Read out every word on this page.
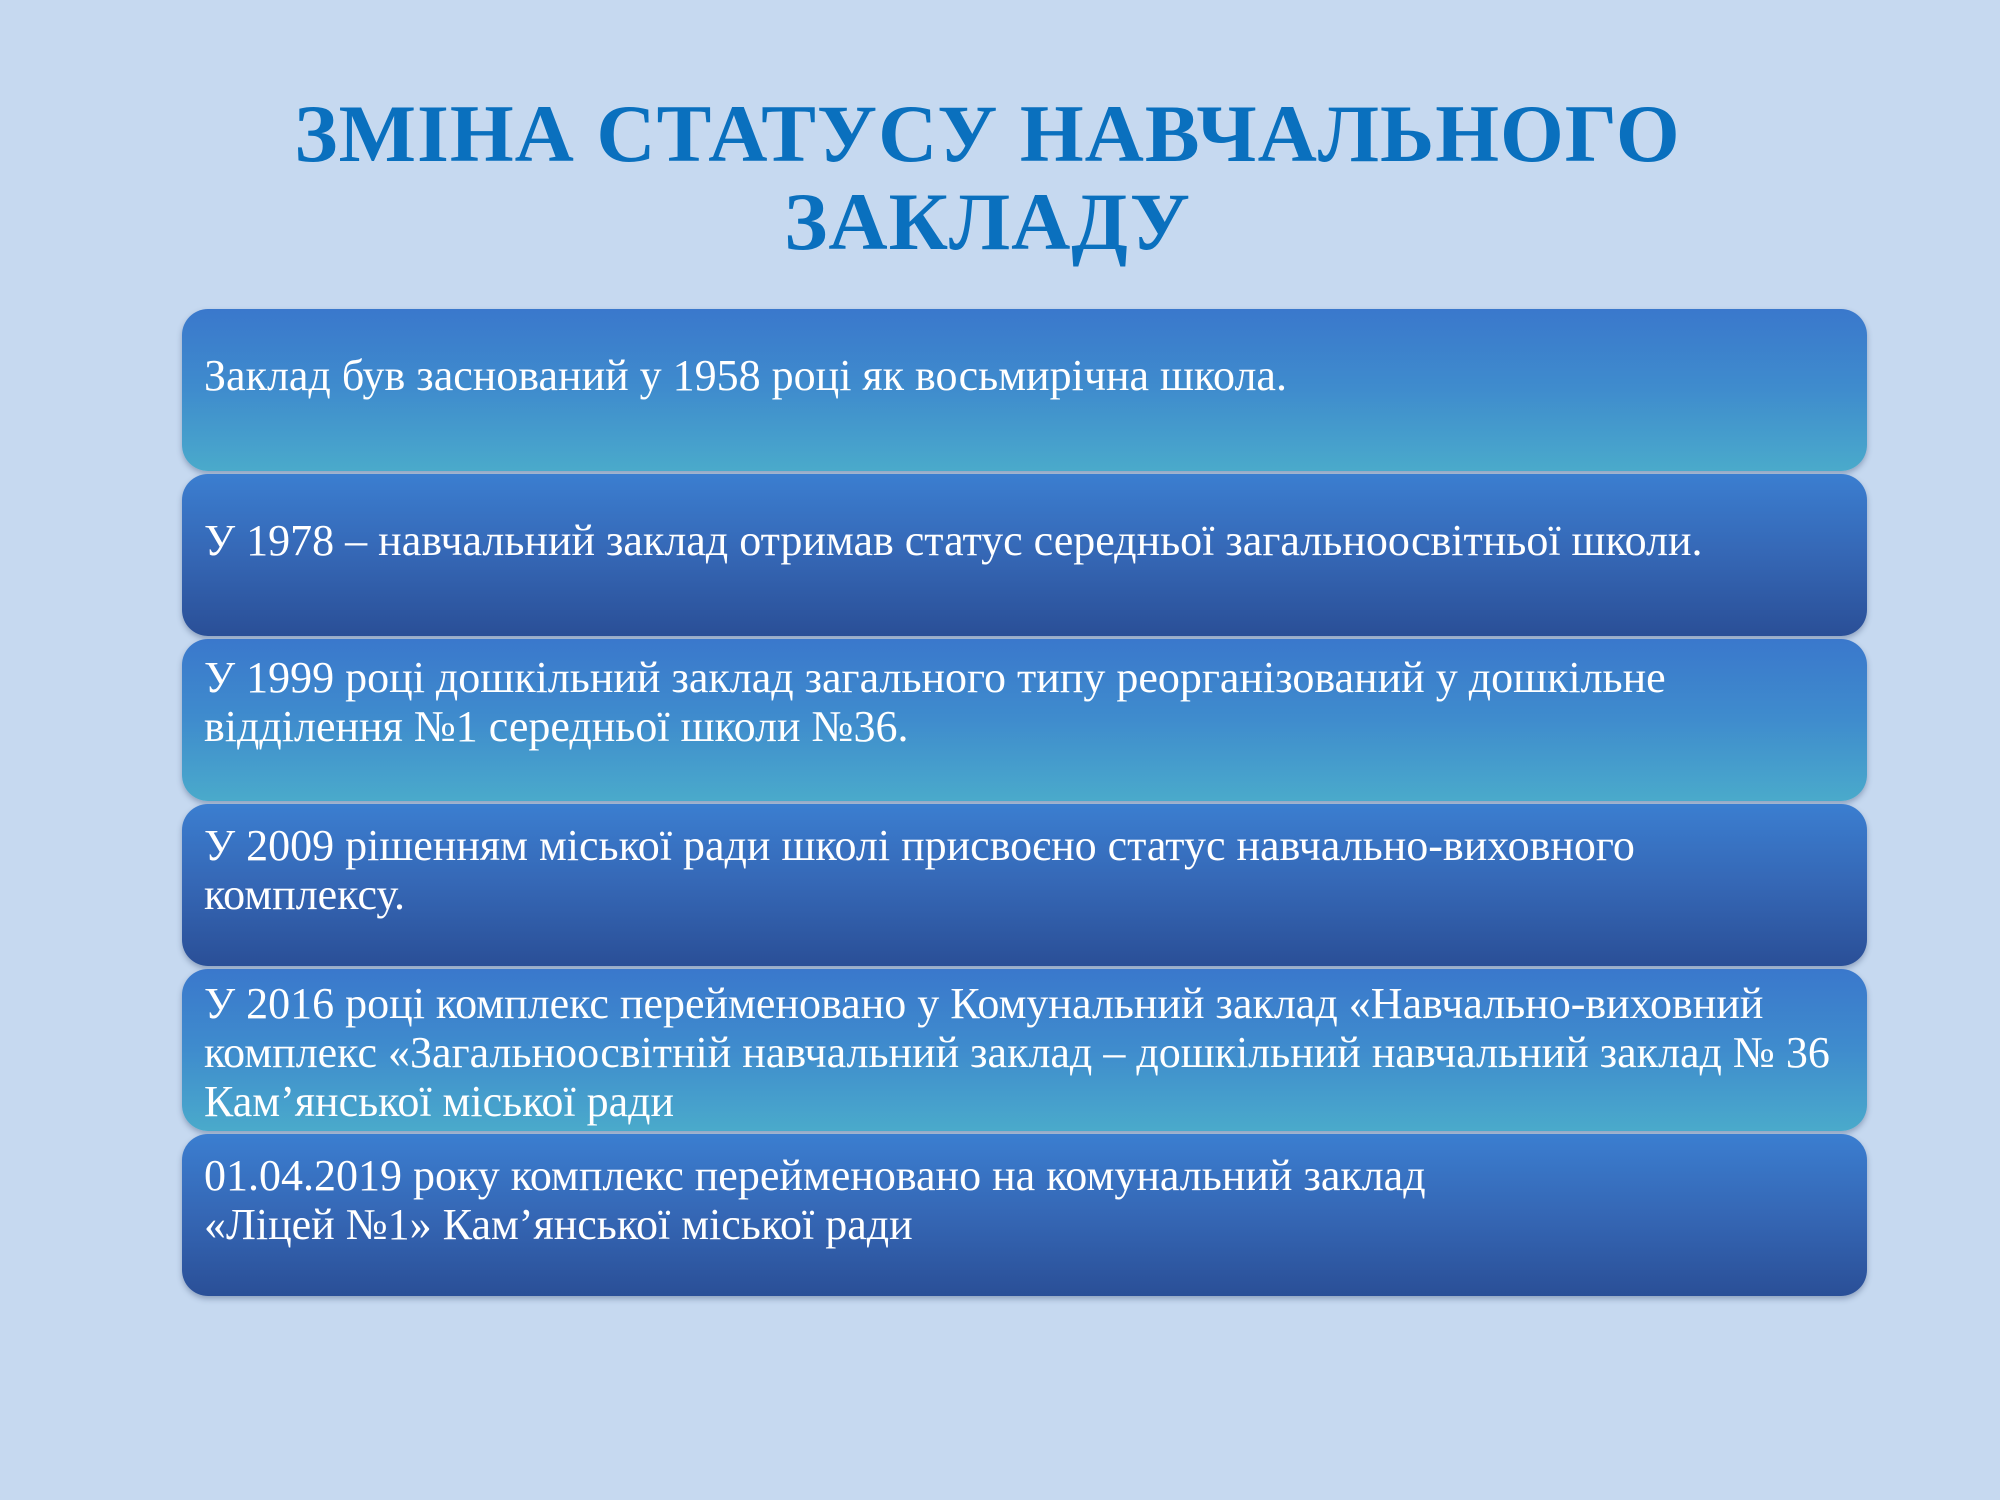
ЗМІНА СТАТУСУ НАВЧАЛЬНОГО
ЗАКЛАДУ
Заклад був заснований у 1958 році як восьмирічна школа.
У 1978 – навчальний заклад отримав статус середньої загальноосвітньої школи.
У 1999 році дошкільний заклад загального типу реорганізований у дошкільне відділення №1 середньої школи №36.
У 2009 рішенням міської ради школі присвоєно статус навчально-виховного комплексу.
У 2016 році комплекс перейменовано у Комунальний заклад «Навчально-виховний комплекс «Загальноосвітній навчальний заклад – дошкільний навчальний заклад № 36 Кам’янської міської ради
01.04.2019 року комплекс перейменовано на комунальний заклад
«Ліцей №1» Кам’янської міської ради
